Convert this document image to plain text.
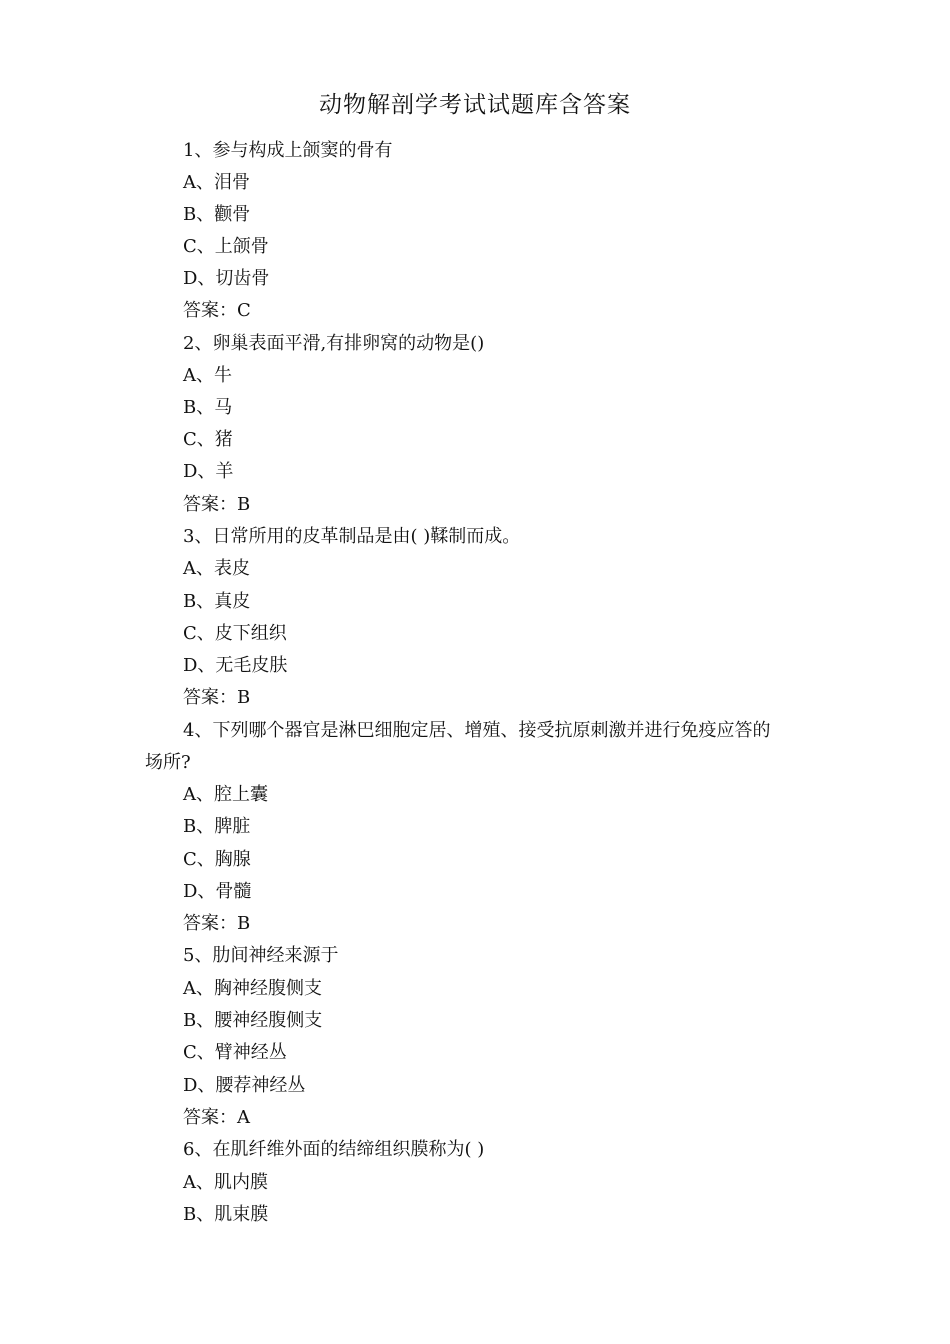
动物解剖学考试试题库含答案
1、参与构成上颌窦的骨有
A、泪骨
B、颧骨
C、上颌骨
D、切齿骨
答案：C
2、卵巢表面平滑,有排卵窝的动物是()
A、牛
B、马
C、猪
D、羊
答案：B
3、日常所用的皮革制品是由( )鞣制而成。
A、表皮
B、真皮
C、皮下组织
D、无毛皮肤
答案：B
4、下列哪个器官是淋巴细胞定居、增殖、接受抗原刺激并进行免疫应答的
场所?
A、腔上囊
B、脾脏
C、胸腺
D、骨髓
答案：B
5、肋间神经来源于
A、胸神经腹侧支
B、腰神经腹侧支
C、臂神经丛
D、腰荐神经丛
答案：A
6、在肌纤维外面的结缔组织膜称为( )
A、肌内膜
B、肌束膜
